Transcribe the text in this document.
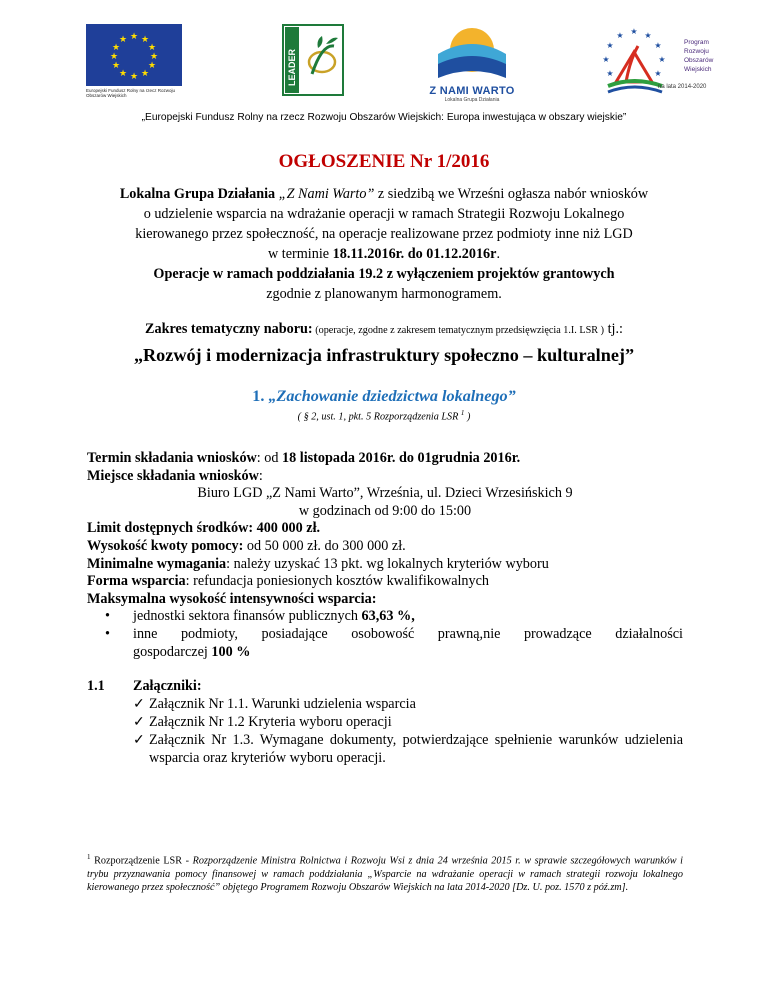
★ ★
★
★
★
★
★
★
★
★
★
★
Europejski Fundusz Rolny na rzecz Rozwoju Obszarów Wiejskich
LEADER
Z NAMI WARTO
Lokalna Grupa Działania
★ ★
★
★
★
★
★
★
★
Program
Rozwoju
Obszarów
Wiejskich
na lata 2014-2020
„Europejski Fundusz Rolny na rzecz Rozwoju Obszarów Wiejskich: Europa inwestująca w obszary wiejskie”
OGŁOSZENIE Nr 1/2016
Lokalna Grupa Działania „Z Nami Warto” z siedzibą we Wrześni ogłasza nabór wniosków
o udzielenie wsparcia na wdrażanie operacji w ramach Strategii Rozwoju Lokalnego
kierowanego przez społeczność, na operacje realizowane przez podmioty inne niż LGD
w terminie 18.11.2016r. do 01.12.2016r.
Operacje w ramach poddziałania 19.2 z wyłączeniem projektów grantowych
zgodnie z planowanym harmonogramem.
Zakres tematyczny naboru: (operacje, zgodne z zakresem tematycznym przedsięwzięcia 1.I. LSR ) tj.:
„Rozwój i modernizacja infrastruktury społeczno – kulturalnej”
1. „Zachowanie dziedzictwa lokalnego”
( § 2, ust. 1, pkt. 5 Rozporządzenia LSR $^1$ )
Termin składania wniosków: od 18 listopada 2016r. do 01grudnia 2016r.
Miejsce składania wniosków:
Biuro LGD „Z Nami Warto”, Września, ul. Dzieci Wrzesińskich 9
w godzinach od 9:00 do 15:00
Limit dostępnych środków: 400 000 zł.
Wysokość kwoty pomocy: od 50 000 zł. do 300 000 zł.
Minimalne wymagania: należy uzyskać 13 pkt. wg lokalnych kryteriów wyboru
Forma wsparcia: refundacja poniesionych kosztów kwalifikowalnych
Maksymalna wysokość intensywności wsparcia:
• jednostki sektora finansów publicznych 63,63 %,
• inne podmioty, posiadające osobowość prawną,nie prowadzące działalności
gospodarczej 100 %
1.1 Załączniki:
✓ Załącznik Nr 1.1. Warunki udzielenia wsparcia
✓ Załącznik Nr 1.2 Kryteria wyboru operacji
✓ Załącznik Nr 1.3. Wymagane dokumenty, potwierdzające spełnienie warunków udzielenia wsparcia oraz kryteriów wyboru operacji.
$^1$ Rozporządzenie LSR - Rozporządzenie Ministra Rolnictwa i Rozwoju Wsi z dnia 24 września 2015 r. w sprawie szczegółowych warunków i trybu przyznawania pomocy finansowej w ramach poddziałania „Wsparcie na wdrażanie operacji w ramach strategii rozwoju lokalnego kierowanego przez społeczność” objętego Programem Rozwoju Obszarów Wiejskich na lata 2014-2020 [Dz. U. poz. 1570 z póź.zm].
